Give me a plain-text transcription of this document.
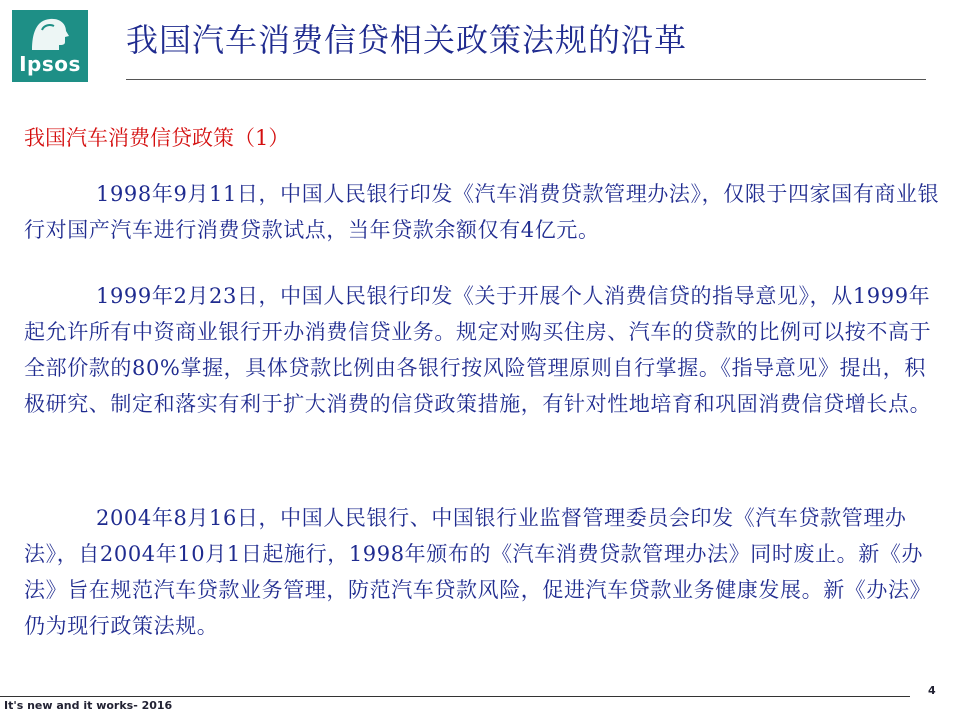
Ipsos
我国汽车消费信贷相关政策法规的沿革
我国汽车消费信贷政策（1）

1998年9月11日，中国人民银行印发《汽车消费贷款管理办法》，仅限于四家国有商业银行对国产汽车进行消费贷款试点，当年贷款余额仅有4亿元。

1999年2月23日，中国人民银行印发《关于开展个人消费信贷的指导意见》，从1999年起允许所有中资商业银行开办消费信贷业务。规定对购买住房、汽车的贷款的比例可以按不高于全部价款的80%掌握，具体贷款比例由各银行按风险管理原则自行掌握。《指导意见》提出，积极研究、制定和落实有利于扩大消费的信贷政策措施，有针对性地培育和巩固消费信贷增长点。

2004年8月16日，中国人民银行、中国银行业监督管理委员会印发《汽车贷款管理办法》，自2004年10月1日起施行，1998年颁布的《汽车消费贷款管理办法》同时废止。新《办法》旨在规范汽车贷款业务管理，防范汽车贷款风险，促进汽车贷款业务健康发展。新《办法》仍为现行政策法规。

4
It's new and it works- 2016
